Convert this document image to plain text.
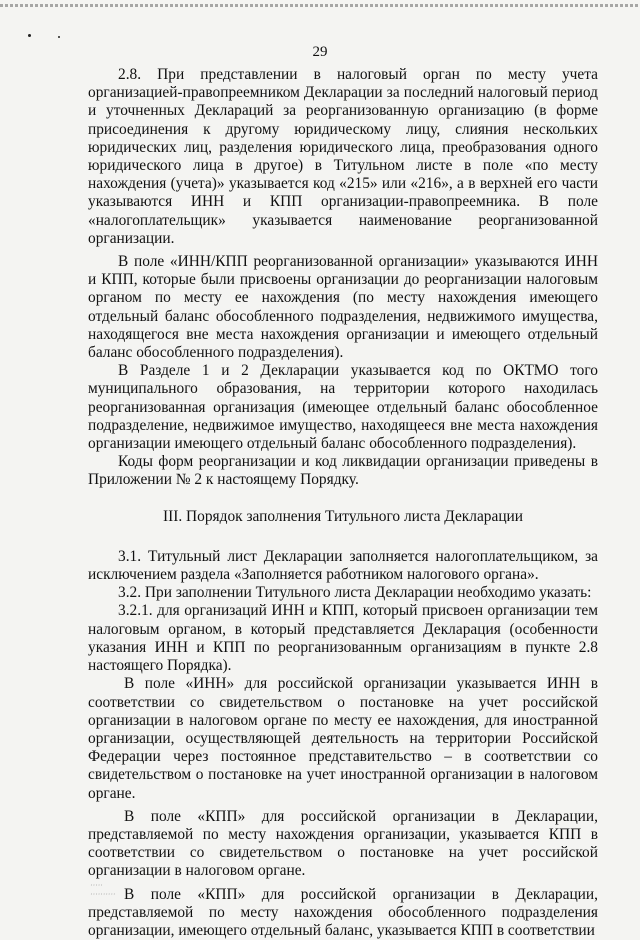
29

2.8. При представлении в налоговый орган по месту учета организацией-правопреемником Декларации за последний налоговый период и уточненных Деклараций за реорганизованную организацию (в форме присоединения к другому юридическому лицу, слияния нескольких юридических лиц, разделения юридического лица, преобразования одного юридического лица в другое) в Титульном листе в поле «по месту нахождения (учета)» указывается код «215» или «216», а в верхней его части указываются ИНН и КПП организации-правопреемника. В поле «налогоплательщик» указывается наименование реорганизованной организации.

В поле «ИНН/КПП реорганизованной организации» указываются ИНН и КПП, которые были присвоены организации до реорганизации налоговым органом по месту ее нахождения (по месту нахождения имеющего отдельный баланс обособленного подразделения, недвижимого имущества, находящегося вне места нахождения организации и имеющего отдельный баланс обособленного подразделения).

В Разделе 1 и 2 Декларации указывается код по ОКТМО того муниципального образования, на территории которого находилась реорганизованная организация (имеющее отдельный баланс обособленное подразделение, недвижимое имущество, находящееся вне места нахождения организации имеющего отдельный баланс обособленного подразделения).

Коды форм реорганизации и код ликвидации организации приведены в Приложении № 2 к настоящему Порядку.

III. Порядок заполнения Титульного листа Декларации

3.1. Титульный лист Декларации заполняется налогоплательщиком, за исключением раздела «Заполняется работником налогового органа».

3.2. При заполнении Титульного листа Декларации необходимо указать:

3.2.1. для организаций ИНН и КПП, который присвоен организации тем налоговым органом, в который представляется Декларация (особенности указания ИНН и КПП по реорганизованным организациям в пункте 2.8 настоящего Порядка).

В поле «ИНН» для российской организации указывается ИНН в соответствии со свидетельством о постановке на учет российской организации в налоговом органе по месту ее нахождения, для иностранной организации, осуществляющей деятельность на территории Российской Федерации через постоянное представительство – в соответствии со свидетельством о постановке на учет иностранной организации в налоговом органе.

В поле «КПП» для российской организации в Декларации, представляемой по месту нахождения организации, указывается КПП в соответствии со свидетельством о постановке на учет российской организации в налоговом органе.

В поле «КПП» для российской организации в Декларации, представляемой по месту нахождения обособленного подразделения организации, имеющего отдельный баланс, указывается КПП в соответствии

·····
··········
